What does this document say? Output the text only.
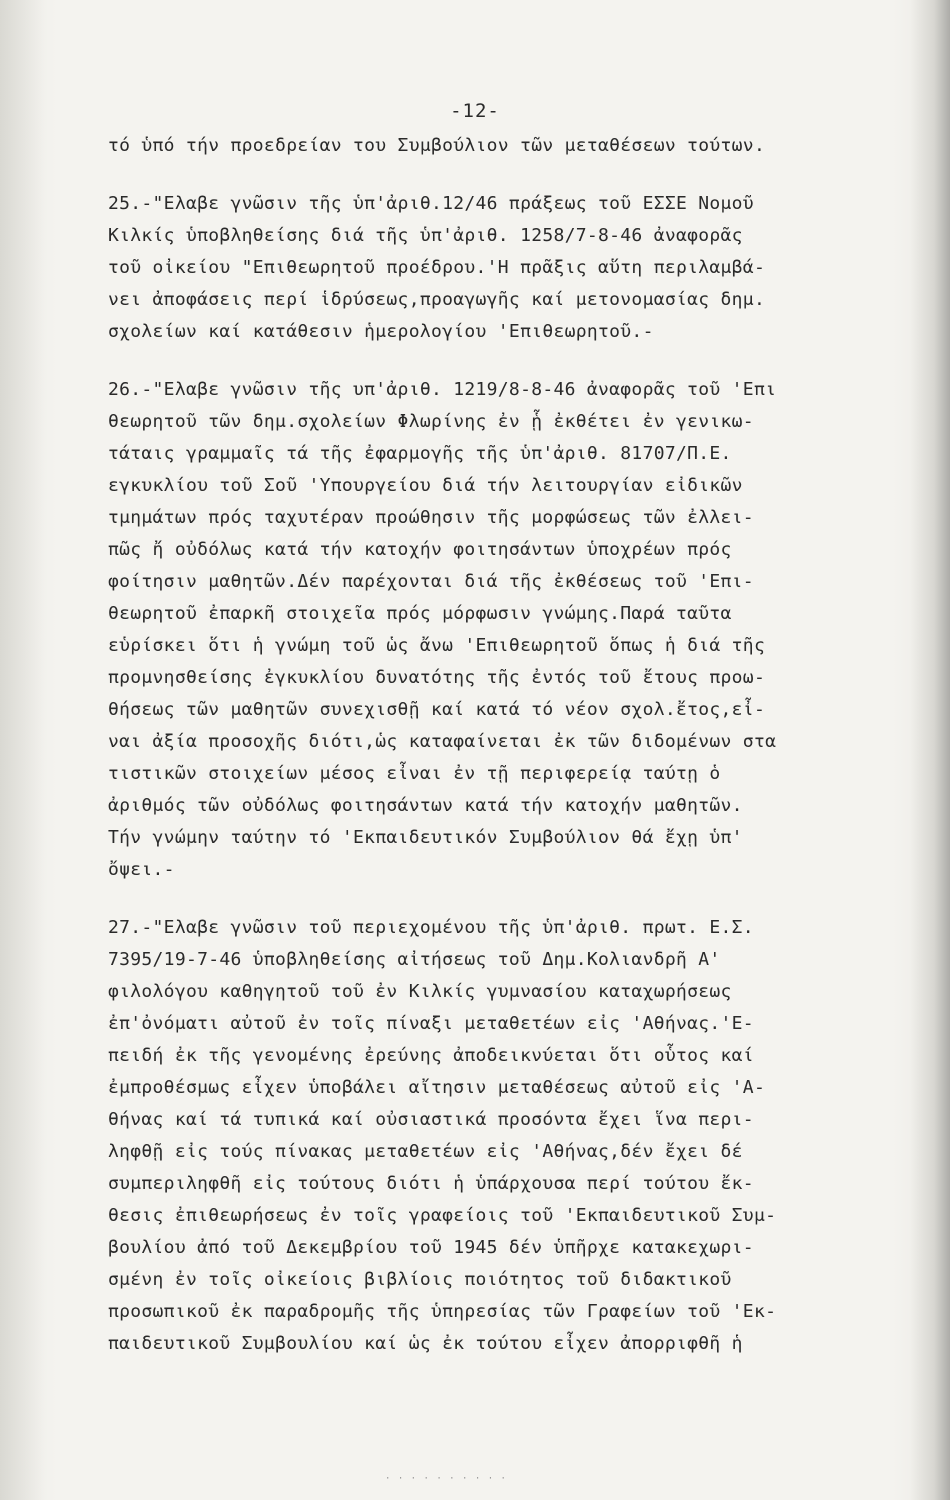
-12-
τό ὑπό τήν προεδρείαν του Συμβούλιον τῶν μεταθέσεων τούτων.
25.-"Ελαβε γνῶσιν τῆς ὑπ'ἀριθ.12/46 πράξεως τοῦ ΕΣΣΕ Νομοῦ
Κιλκίς ὑποβληθείσης διά τῆς ὑπ'ἀριθ. 1258/7-8-46 ἀναφορᾶς
τοῦ οἰκείου "Επιθεωρητοῦ προέδρου.'Η πρᾶξις αὕτη περιλαμβά-
νει ἀποφάσεις περί ἱδρύσεως,προαγωγῆς καί μετονομασίας δημ.
σχολείων καί κατάθεσιν ἡμερολογίου 'Επιθεωρητοῦ.-
26.-"Ελαβε γνῶσιν τῆς υπ'ἀριθ. 1219/8-8-46 ἀναφορᾶς τοῦ 'Επι
θεωρητοῦ τῶν δημ.σχολείων Φλωρίνης ἐν ᾗ ἐκθέτει ἐν γενικω-
τάταις γραμμαῖς τά τῆς ἐφαρμογῆς τῆς ὑπ'ἀριθ. 81707/Π.Ε.
εγκυκλίου τοῦ Σοῦ 'Υπουργείου διά τήν λειτουργίαν εἰδικῶν
τμημάτων πρός ταχυτέραν προώθησιν τῆς μορφώσεως τῶν ἐλλει-
πῶς ἤ οὐδόλως κατά τήν κατοχήν φοιτησάντων ὑποχρέων πρός
φοίτησιν μαθητῶν.Δέν παρέχονται διά τῆς ἐκθέσεως τοῦ 'Επι-
θεωρητοῦ ἐπαρκῆ στοιχεῖα πρός μόρφωσιν γνώμης.Παρά ταῦτα
εὑρίσκει ὅτι ἡ γνώμη τοῦ ὡς ἄνω 'Επιθεωρητοῦ ὅπως ἡ διά τῆς
προμνησθείσης ἐγκυκλίου δυνατότης τῆς ἐντός τοῦ ἔτους προω-
θήσεως τῶν μαθητῶν συνεχισθῇ καί κατά τό νέον σχολ.ἔτος,εἶ-
ναι ἀξία προσοχῆς διότι,ὡς καταφαίνεται ἐκ τῶν διδομένων στα
τιστικῶν στοιχείων μέσος εἶναι ἐν τῇ περιφερείᾳ ταύτῃ ὁ
ἀριθμός τῶν οὐδόλως φοιτησάντων κατά τήν κατοχήν μαθητῶν.
Τήν γνώμην ταύτην τό 'Εκπαιδευτικόν Συμβούλιον θά ἔχῃ ὑπ'
ὄψει.-
27.-"Ελαβε γνῶσιν τοῦ περιεχομένου τῆς ὑπ'ἀριθ. πρωτ. Ε.Σ.
7395/19-7-46 ὑποβληθείσης αἰτήσεως τοῦ Δημ.Κολιανδρῆ Α'
φιλολόγου καθηγητοῦ τοῦ ἐν Κιλκίς γυμνασίου καταχωρήσεως
ἐπ'ὀνόματι αὐτοῦ ἐν τοῖς πίναξι μεταθετέων εἰς 'Αθήνας.'Ε-
πειδή ἐκ τῆς γενομένης ἐρεύνης ἀποδεικνύεται ὅτι οὗτος καί
ἐμπροθέσμως εἶχεν ὑποβάλει αἴτησιν μεταθέσεως αὐτοῦ εἰς 'Α-
θήνας καί τά τυπικά καί οὐσιαστικά προσόντα ἔχει ἵνα περι-
ληφθῇ εἰς τούς πίνακας μεταθετέων εἰς 'Αθήνας,δέν ἔχει δέ
συμπεριληφθῆ εἰς τούτους διότι ἡ ὑπάρχουσα περί τούτου ἔκ-
θεσις ἐπιθεωρήσεως ἐν τοῖς γραφείοις τοῦ 'Εκπαιδευτικοῦ Συμ-
βουλίου ἀπό τοῦ Δεκεμβρίου τοῦ 1945 δέν ὑπῆρχε κατακεχωρι-
σμένη ἐν τοῖς οἰκείοις βιβλίοις ποιότητος τοῦ διδακτικοῦ
προσωπικοῦ ἐκ παραδρομῆς τῆς ὑπηρεσίας τῶν Γραφείων τοῦ 'Εκ-
παιδευτικοῦ Συμβουλίου καί ὡς ἐκ τούτου εἶχεν ἀπορριφθῆ ἡ
· · · · · · · · · ·
